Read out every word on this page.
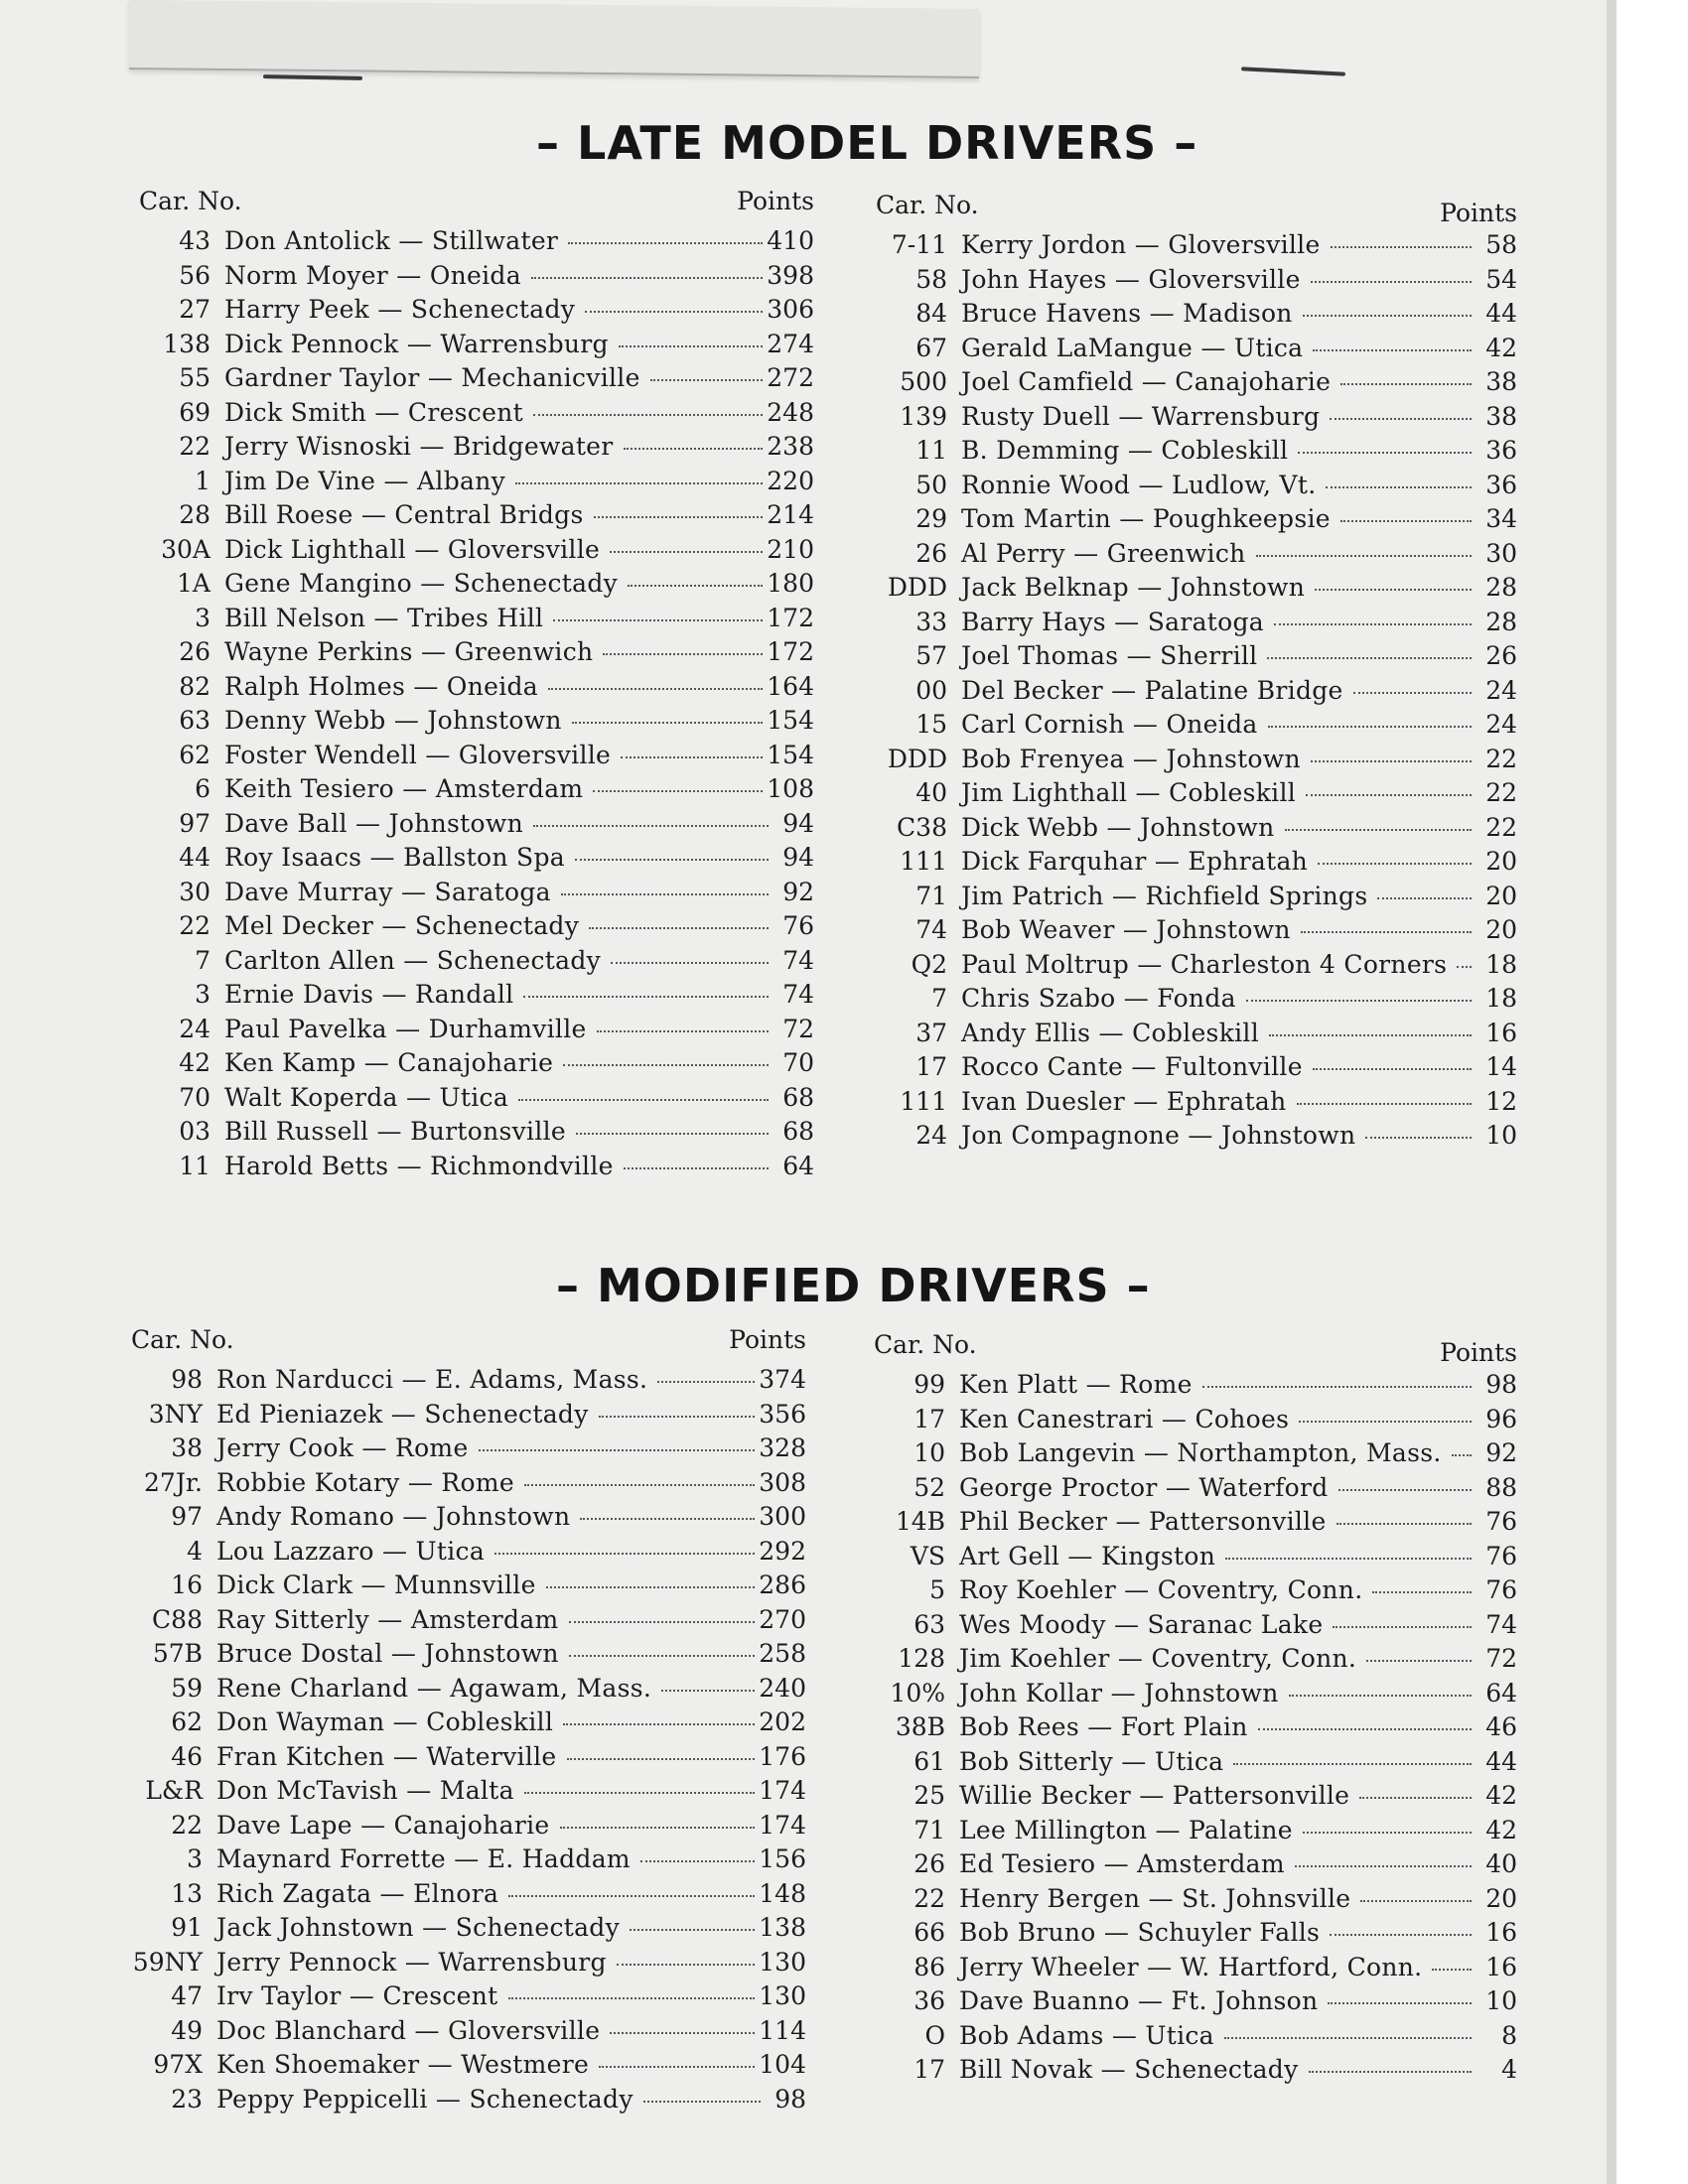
– LATE MODEL DRIVERS –
Car. No.	Points
43 Don Antolick — Stillwater	410
56 Norm Moyer — Oneida	398
27 Harry Peek — Schenectady	306
138 Dick Pennock — Warrensburg	274
55 Gardner Taylor — Mechanicville	272
69 Dick Smith — Crescent	248
22 Jerry Wisnoski — Bridgewater	238
1 Jim De Vine — Albany	220
28 Bill Roese — Central Bridgs	214
30A Dick Lighthall — Gloversville	210
1A Gene Mangino — Schenectady	180
3 Bill Nelson — Tribes Hill	172
26 Wayne Perkins — Greenwich	172
82 Ralph Holmes — Oneida	164
63 Denny Webb — Johnstown	154
62 Foster Wendell — Gloversville	154
6 Keith Tesiero — Amsterdam	108
97 Dave Ball — Johnstown	94
44 Roy Isaacs — Ballston Spa	94
30 Dave Murray — Saratoga	92
22 Mel Decker — Schenectady	76
7 Carlton Allen — Schenectady	74
3 Ernie Davis — Randall	74
24 Paul Pavelka — Durhamville	72
42 Ken Kamp — Canajoharie	70
70 Walt Koperda — Utica	68
03 Bill Russell — Burtonsville	68
11 Harold Betts — Richmondville	64
Car. No.	Points
7-11 Kerry Jordon — Gloversville	58
58 John Hayes — Gloversville	54
84 Bruce Havens — Madison	44
67 Gerald LaMangue — Utica	42
500 Joel Camfield — Canajoharie	38
139 Rusty Duell — Warrensburg	38
11 B. Demming — Cobleskill	36
50 Ronnie Wood — Ludlow, Vt.	36
29 Tom Martin — Poughkeepsie	34
26 Al Perry — Greenwich	30
DDD Jack Belknap — Johnstown	28
33 Barry Hays — Saratoga	28
57 Joel Thomas — Sherrill	26
00 Del Becker — Palatine Bridge	24
15 Carl Cornish — Oneida	24
DDD Bob Frenyea — Johnstown	22
40 Jim Lighthall — Cobleskill	22
C38 Dick Webb — Johnstown	22
111 Dick Farquhar — Ephratah	20
71 Jim Patrich — Richfield Springs	20
74 Bob Weaver — Johnstown	20
Q2 Paul Moltrup — Charleston 4 Corners	18
7 Chris Szabo — Fonda	18
37 Andy Ellis — Cobleskill	16
17 Rocco Cante — Fultonville	14
111 Ivan Duesler — Ephratah	12
24 Jon Compagnone — Johnstown	10
– MODIFIED DRIVERS –
Car. No.	Points
98 Ron Narducci — E. Adams, Mass.	374
3NY Ed Pieniazek — Schenectady	356
38 Jerry Cook — Rome	328
27Jr. Robbie Kotary — Rome	308
97 Andy Romano — Johnstown	300
4 Lou Lazzaro — Utica	292
16 Dick Clark — Munnsville	286
C88 Ray Sitterly — Amsterdam	270
57B Bruce Dostal — Johnstown	258
59 Rene Charland — Agawam, Mass.	240
62 Don Wayman — Cobleskill	202
46 Fran Kitchen — Waterville	176
L&R Don McTavish — Malta	174
22 Dave Lape — Canajoharie	174
3 Maynard Forrette — E. Haddam	156
13 Rich Zagata — Elnora	148
91 Jack Johnstown — Schenectady	138
59NY Jerry Pennock — Warrensburg	130
47 Irv Taylor — Crescent	130
49 Doc Blanchard — Gloversville	114
97X Ken Shoemaker — Westmere	104
23 Peppy Peppicelli — Schenectady	98
Car. No.	Points
99 Ken Platt — Rome	98
17 Ken Canestrari — Cohoes	96
10 Bob Langevin — Northampton, Mass.	92
52 George Proctor — Waterford	88
14B Phil Becker — Pattersonville	76
VS Art Gell — Kingston	76
5 Roy Koehler — Coventry, Conn.	76
63 Wes Moody — Saranac Lake	74
128 Jim Koehler — Coventry, Conn.	72
10% John Kollar — Johnstown	64
38B Bob Rees — Fort Plain	46
61 Bob Sitterly — Utica	44
25 Willie Becker — Pattersonville	42
71 Lee Millington — Palatine	42
26 Ed Tesiero — Amsterdam	40
22 Henry Bergen — St. Johnsville	20
66 Bob Bruno — Schuyler Falls	16
86 Jerry Wheeler — W. Hartford, Conn.	16
36 Dave Buanno — Ft. Johnson	10
O Bob Adams — Utica	8
17 Bill Novak — Schenectady	4
